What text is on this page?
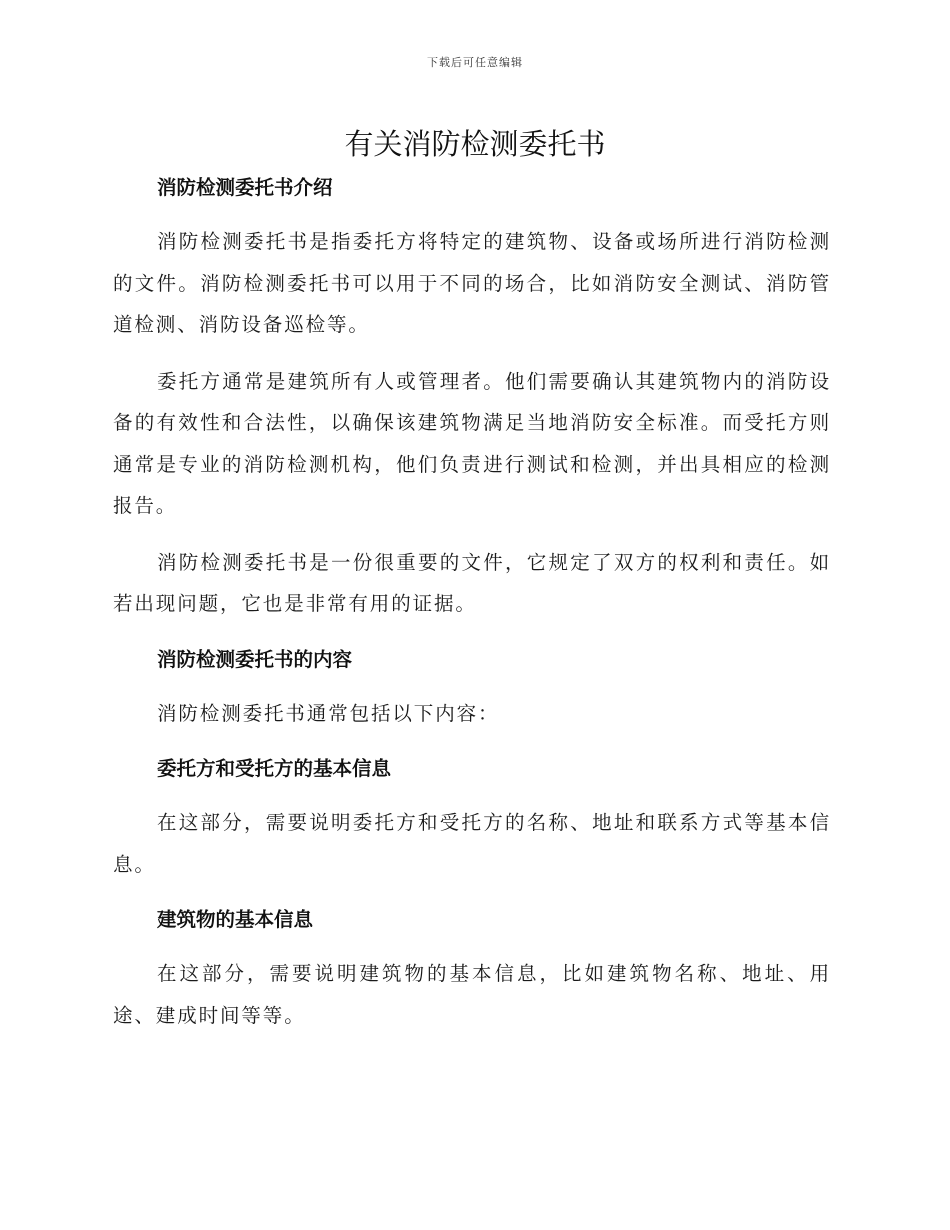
下载后可任意编辑
有关消防检测委托书
消防检测委托书介绍

消防检测委托书是指委托方将特定的建筑物、设备或场所进行消防检测的文件。消防检测委托书可以用于不同的场合，比如消防安全测试、消防管道检测、消防设备巡检等。

委托方通常是建筑所有人或管理者。他们需要确认其建筑物内的消防设备的有效性和合法性，以确保该建筑物满足当地消防安全标准。而受托方则通常是专业的消防检测机构，他们负责进行测试和检测，并出具相应的检测报告。

消防检测委托书是一份很重要的文件，它规定了双方的权利和责任。如若出现问题，它也是非常有用的证据。

消防检测委托书的内容

消防检测委托书通常包括以下内容：

委托方和受托方的基本信息

在这部分，需要说明委托方和受托方的名称、地址和联系方式等基本信息。

建筑物的基本信息

在这部分，需要说明建筑物的基本信息，比如建筑物名称、地址、用途、建成时间等等。
